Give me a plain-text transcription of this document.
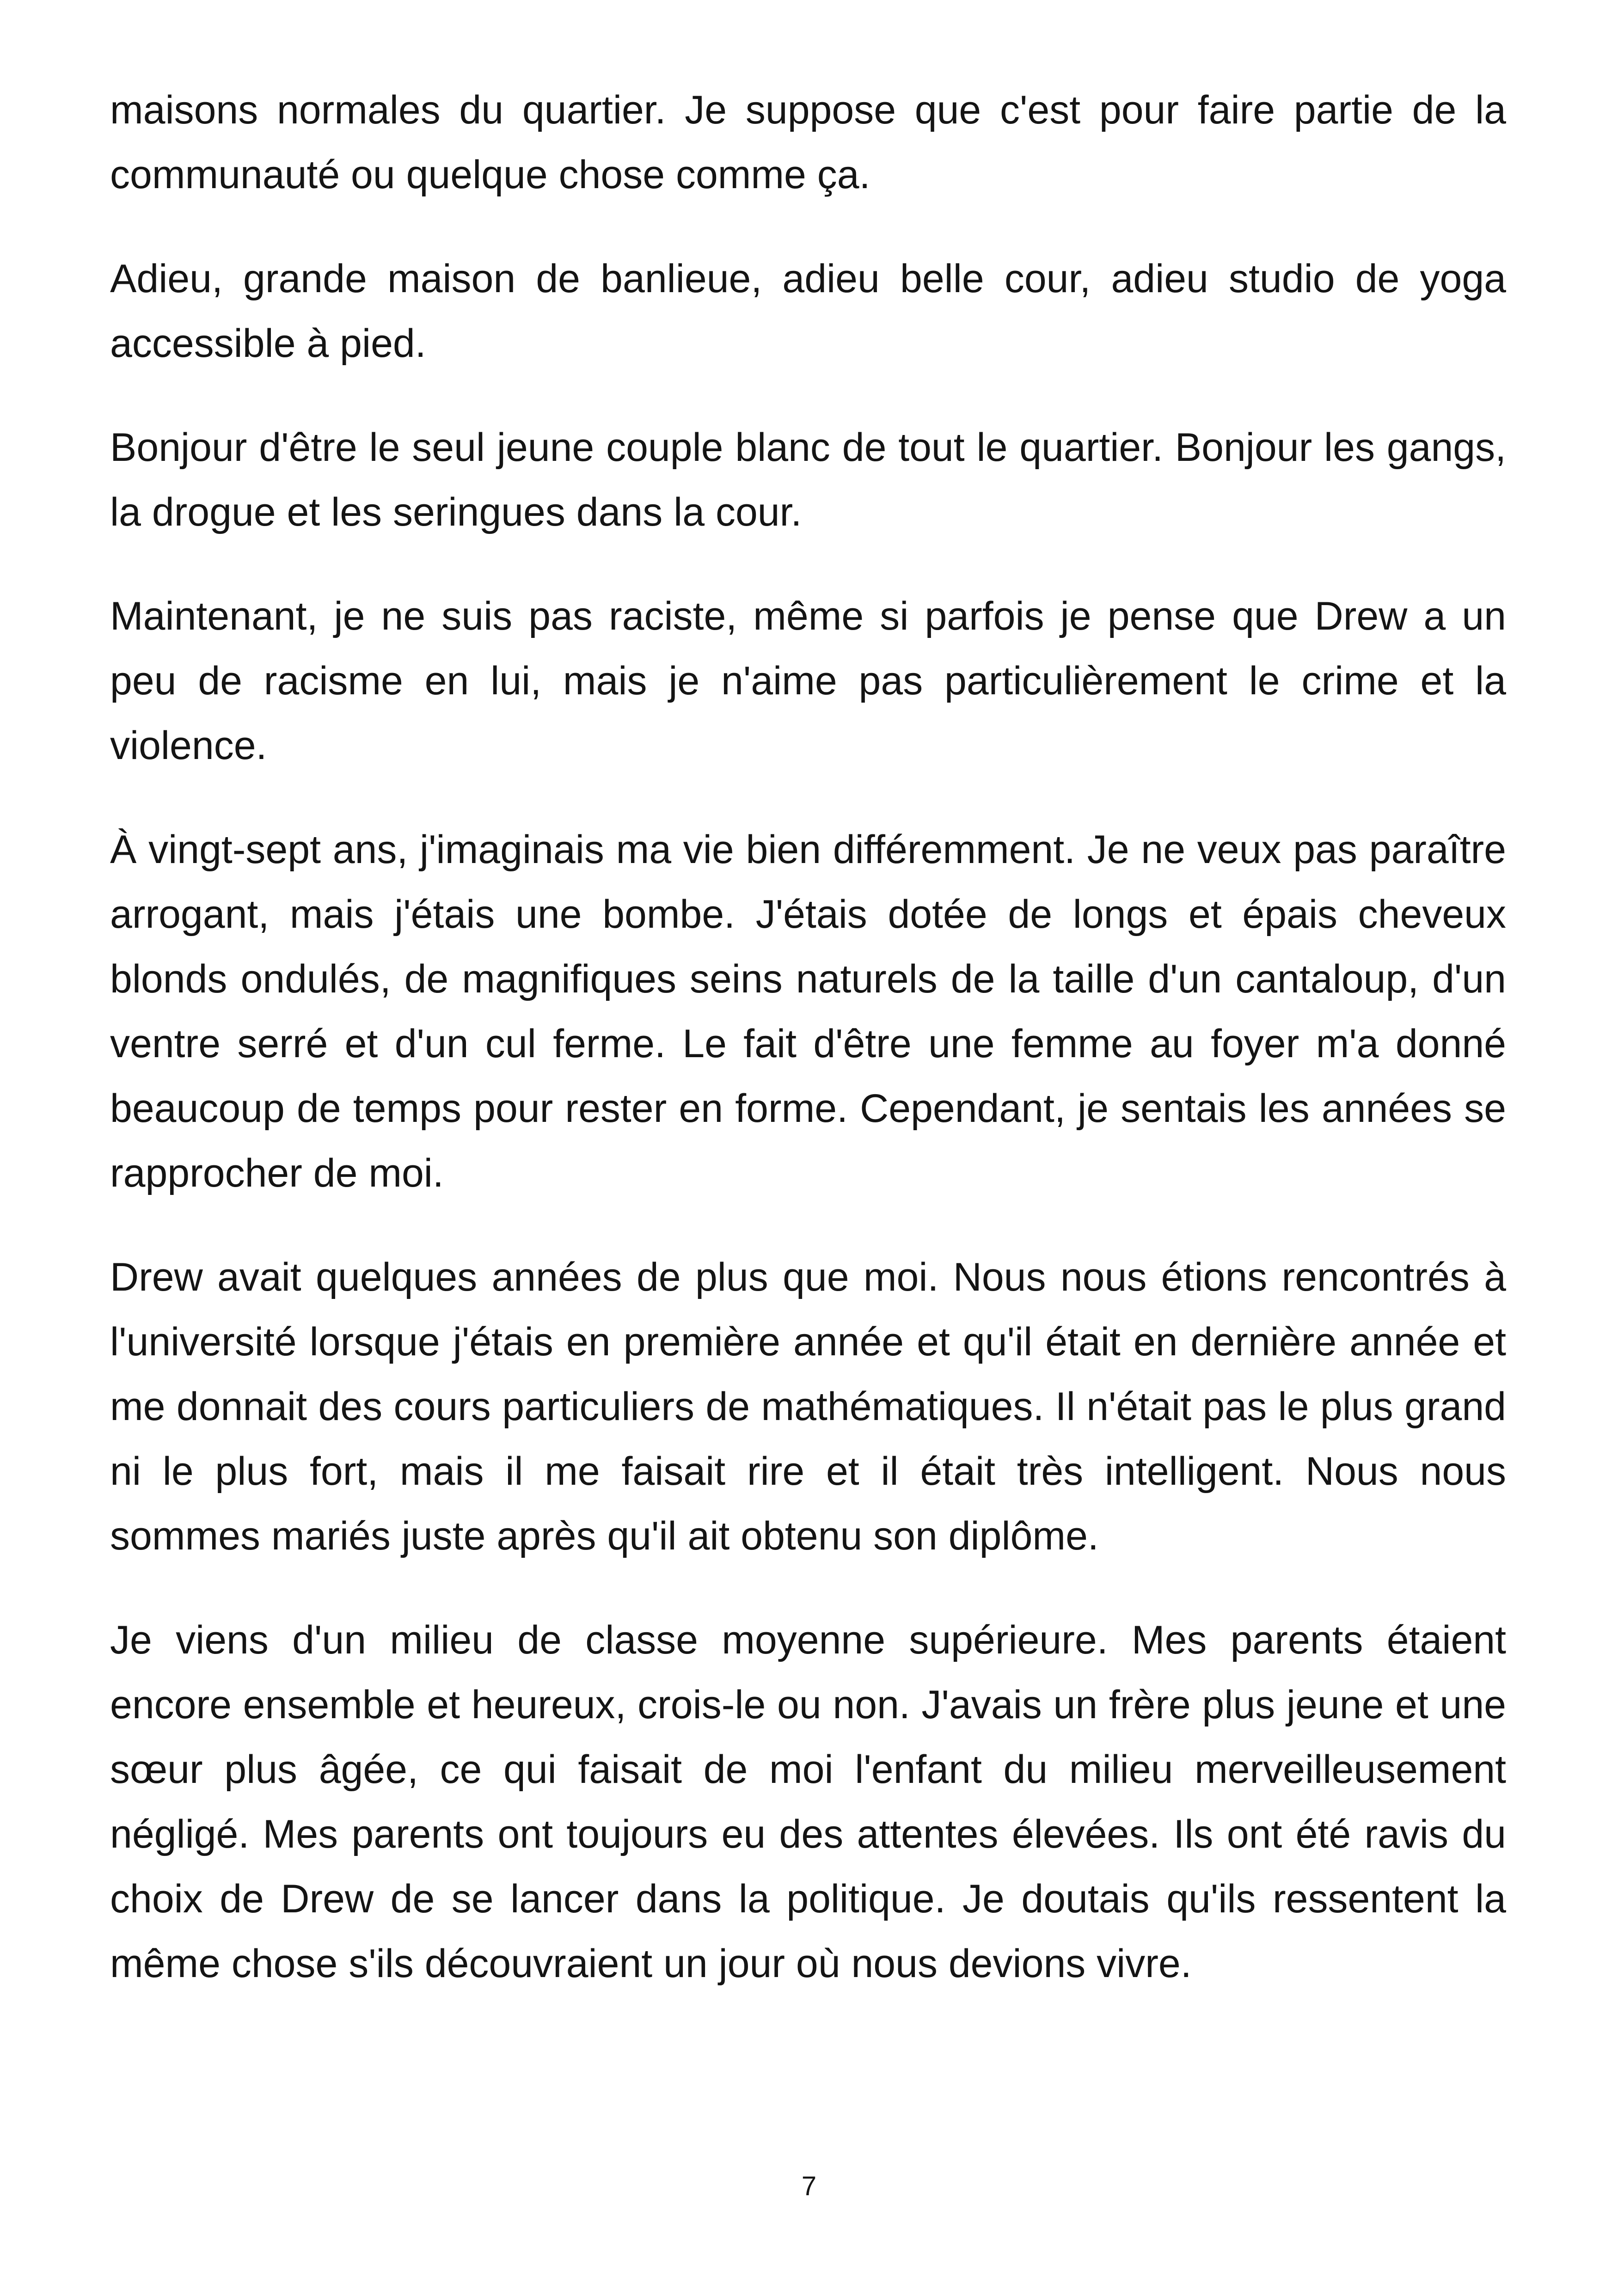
maisons normales du quartier. Je suppose que c'est pour faire partie de la communauté ou quelque chose comme ça.

Adieu, grande maison de banlieue, adieu belle cour, adieu studio de yoga accessible à pied.

Bonjour d'être le seul jeune couple blanc de tout le quartier. Bonjour les gangs, la drogue et les seringues dans la cour.

Maintenant, je ne suis pas raciste, même si parfois je pense que Drew a un peu de racisme en lui, mais je n'aime pas particulièrement le crime et la violence.

À vingt-sept ans, j'imaginais ma vie bien différemment. Je ne veux pas paraître arrogant, mais j'étais une bombe. J'étais dotée de longs et épais cheveux blonds ondulés, de magnifiques seins naturels de la taille d'un cantaloup, d'un ventre serré et d'un cul ferme. Le fait d'être une femme au foyer m'a donné beaucoup de temps pour rester en forme. Cependant, je sentais les années se rapprocher de moi.

Drew avait quelques années de plus que moi. Nous nous étions rencontrés à l'université lorsque j'étais en première année et qu'il était en dernière année et me donnait des cours particuliers de mathématiques. Il n'était pas le plus grand ni le plus fort, mais il me faisait rire et il était très intelligent. Nous nous sommes mariés juste après qu'il ait obtenu son diplôme.

Je viens d'un milieu de classe moyenne supérieure. Mes parents étaient encore ensemble et heureux, crois-le ou non. J'avais un frère plus jeune et une sœur plus âgée, ce qui faisait de moi l'enfant du milieu merveilleusement négligé. Mes parents ont toujours eu des attentes élevées. Ils ont été ravis du choix de Drew de se lancer dans la politique. Je doutais qu'ils ressentent la même chose s'ils découvraient un jour où nous devions vivre.

7
